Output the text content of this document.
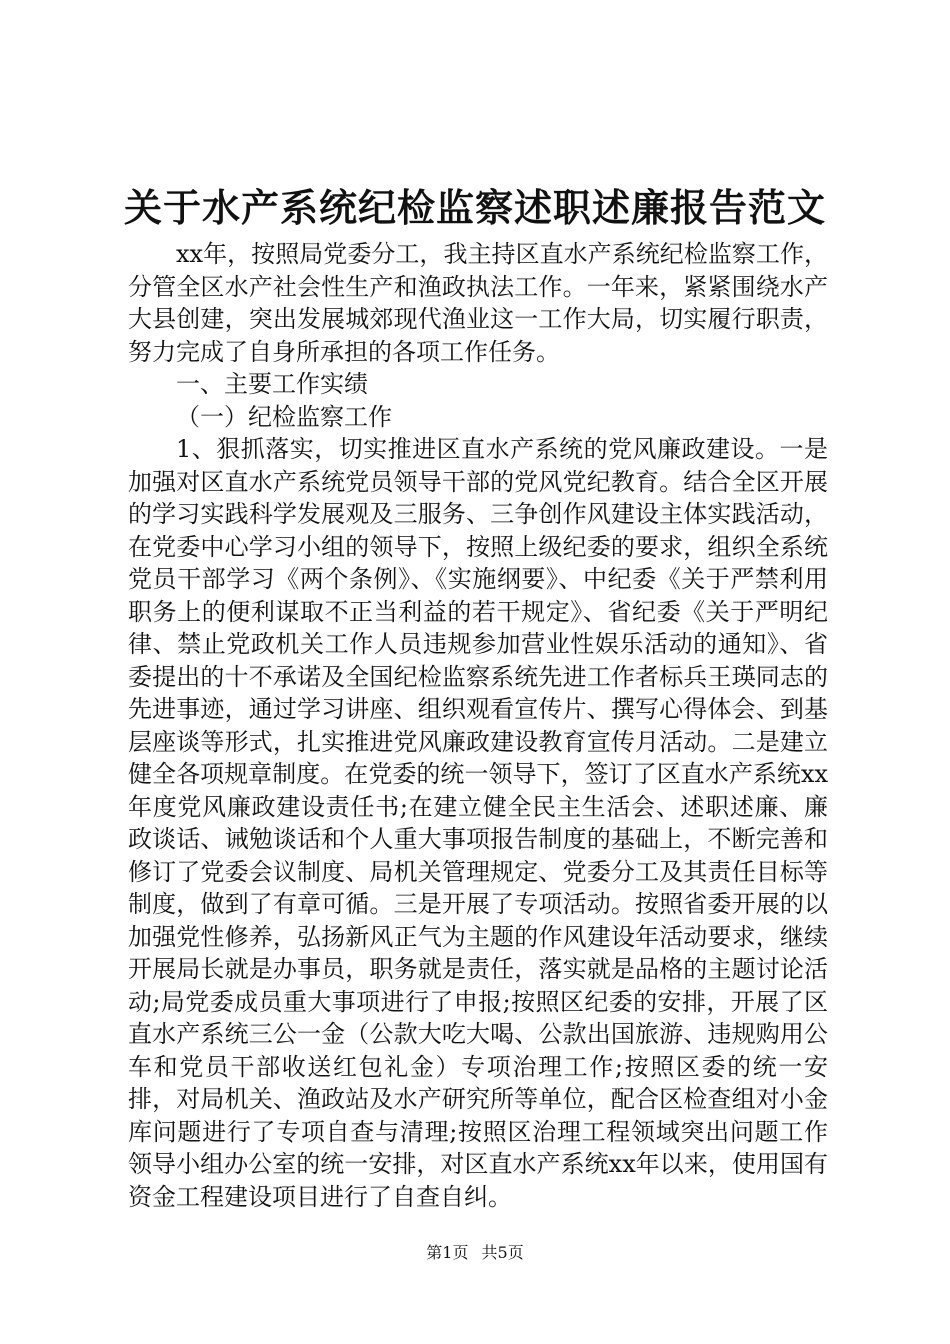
关于水产系统纪检监察述职述廉报告范文

xx年，按照局党委分工，我主持区直水产系统纪检监察工作，分管全区水产社会性生产和渔政执法工作。一年来，紧紧围绕水产大县创建，突出发展城郊现代渔业这一工作大局，切实履行职责，努力完成了自身所承担的各项工作任务。

一、主要工作实绩

（一）纪检监察工作

1、狠抓落实，切实推进区直水产系统的党风廉政建设。一是加强对区直水产系统党员领导干部的党风党纪教育。结合全区开展的学习实践科学发展观及三服务、三争创作风建设主体实践活动，在党委中心学习小组的领导下，按照上级纪委的要求，组织全系统党员干部学习《两个条例》、《实施纲要》、中纪委《关于严禁利用职务上的便利谋取不正当利益的若干规定》、省纪委《关于严明纪律、禁止党政机关工作人员违规参加营业性娱乐活动的通知》、省委提出的十不承诺及全国纪检监察系统先进工作者标兵王瑛同志的先进事迹，通过学习讲座、组织观看宣传片、撰写心得体会、到基层座谈等形式，扎实推进党风廉政建设教育宣传月活动。二是建立健全各项规章制度。在党委的统一领导下，签订了区直水产系统xx年度党风廉政建设责任书;在建立健全民主生活会、述职述廉、廉政谈话、诫勉谈话和个人重大事项报告制度的基础上，不断完善和修订了党委会议制度、局机关管理规定、党委分工及其责任目标等制度，做到了有章可循。三是开展了专项活动。按照省委开展的以加强党性修养，弘扬新风正气为主题的作风建设年活动要求，继续开展局长就是办事员，职务就是责任，落实就是品格的主题讨论活动;局党委成员重大事项进行了申报;按照区纪委的安排，开展了区直水产系统三公一金（公款大吃大喝、公款出国旅游、违规购用公车和党员干部收送红包礼金）专项治理工作;按照区委的统一安排，对局机关、渔政站及水产研究所等单位，配合区检查组对小金库问题进行了专项自查与清理;按照区治理工程领域突出问题工作领导小组办公室的统一安排，对区直水产系统xx年以来，使用国有资金工程建设项目进行了自查自纠。

第1页 共5页
